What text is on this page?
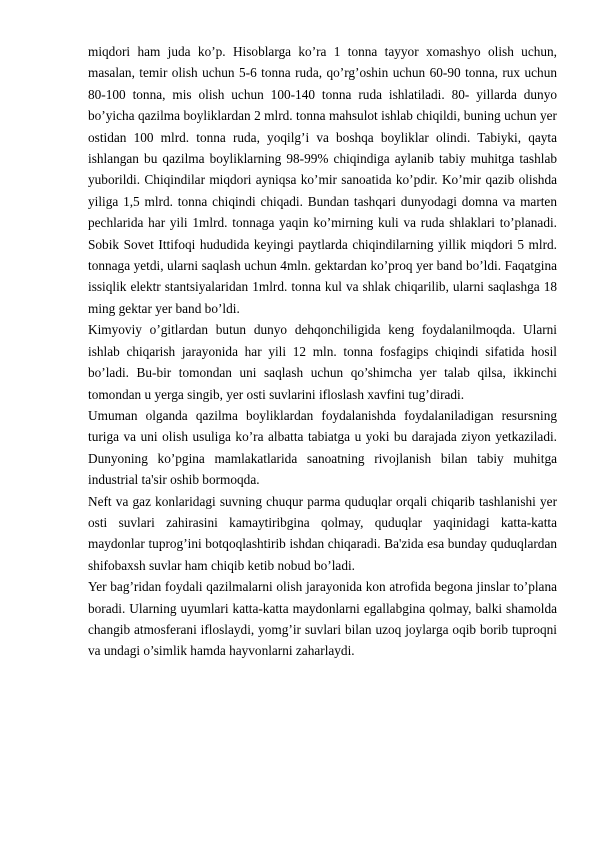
miqdori ham juda ko’p. Hisoblarga ko’ra 1 tonna tayyor xomashyo olish uchun, masalan, temir olish uchun 5-6 tonna ruda, qo’rg’oshin uchun 60-90 tonna, rux uchun 80-100 tonna, mis olish uchun 100-140 tonna ruda ishlatiladi. 80- yillarda dunyo bo’yicha qazilma boyliklardan 2 mlrd. tonna mahsulot ishlab chiqildi, buning uchun yer ostidan 100 mlrd. tonna ruda, yoqilg’i va boshqa boyliklar olindi. Tabiyki, qayta ishlangan bu qazilma boyliklarning 98-99% chiqindiga aylanib tabiy muhitga tashlab yuborildi. Chiqindilar miqdori ayniqsa ko’mir sanoatida ko’pdir. Ko’mir qazib olishda yiliga 1,5 mlrd. tonna chiqindi chiqadi. Bundan tashqari dunyodagi domna va marten pechlarida har yili 1mlrd. tonnaga yaqin ko’mirning kuli va ruda shlaklari to’planadi. Sobik Sovet Ittifoqi hududida keyingi paytlarda chiqindilarning yillik miqdori 5 mlrd. tonnaga yetdi, ularni saqlash uchun 4mln. gektardan ko’proq yer band bo’ldi. Faqatgina issiqlik elektr stantsiyalaridan 1mlrd. tonna kul va shlak chiqarilib, ularni saqlashga 18 ming gektar yer band bo’ldi.

Kimyoviy o’gitlardan butun dunyo dehqonchiligida keng foydalanilmoqda. Ularni ishlab chiqarish jarayonida har yili 12 mln. tonna fosfagips chiqindi sifatida hosil bo’ladi. Bu-bir tomondan uni saqlash uchun qo’shimcha yer talab qilsa, ikkinchi tomondan u yerga singib, yer osti suvlarini ifloslash xavfini tug’diradi.

Umuman olganda qazilma boyliklardan foydalanishda foydalaniladigan resursning turiga va uni olish usuliga ko’ra albatta tabiatga u yoki bu darajada ziyon yetkaziladi. Dunyoning ko’pgina mamlakatlarida sanoatning rivojlanish bilan tabiy muhitga industrial ta'sir oshib bormoqda.

Neft va gaz konlaridagi suvning chuqur parma quduqlar orqali chiqarib tashlanishi yer osti suvlari zahirasini kamaytiribgina qolmay, quduqlar yaqinidagi katta-katta maydonlar tuprog’ini botqoqlashtirib ishdan chiqaradi. Ba'zida esa bunday quduqlardan shifobaxsh suvlar ham chiqib ketib nobud bo’ladi.

Yer bag’ridan foydali qazilmalarni olish jarayonida kon atrofida begona jinslar to’plana boradi. Ularning uyumlari katta-katta maydonlarni egallabgina qolmay, balki shamolda changib atmosferani ifloslaydi, yomg’ir suvlari bilan uzoq joylarga oqib borib tuproqni va undagi o’simlik hamda hayvonlarni zaharlaydi.
